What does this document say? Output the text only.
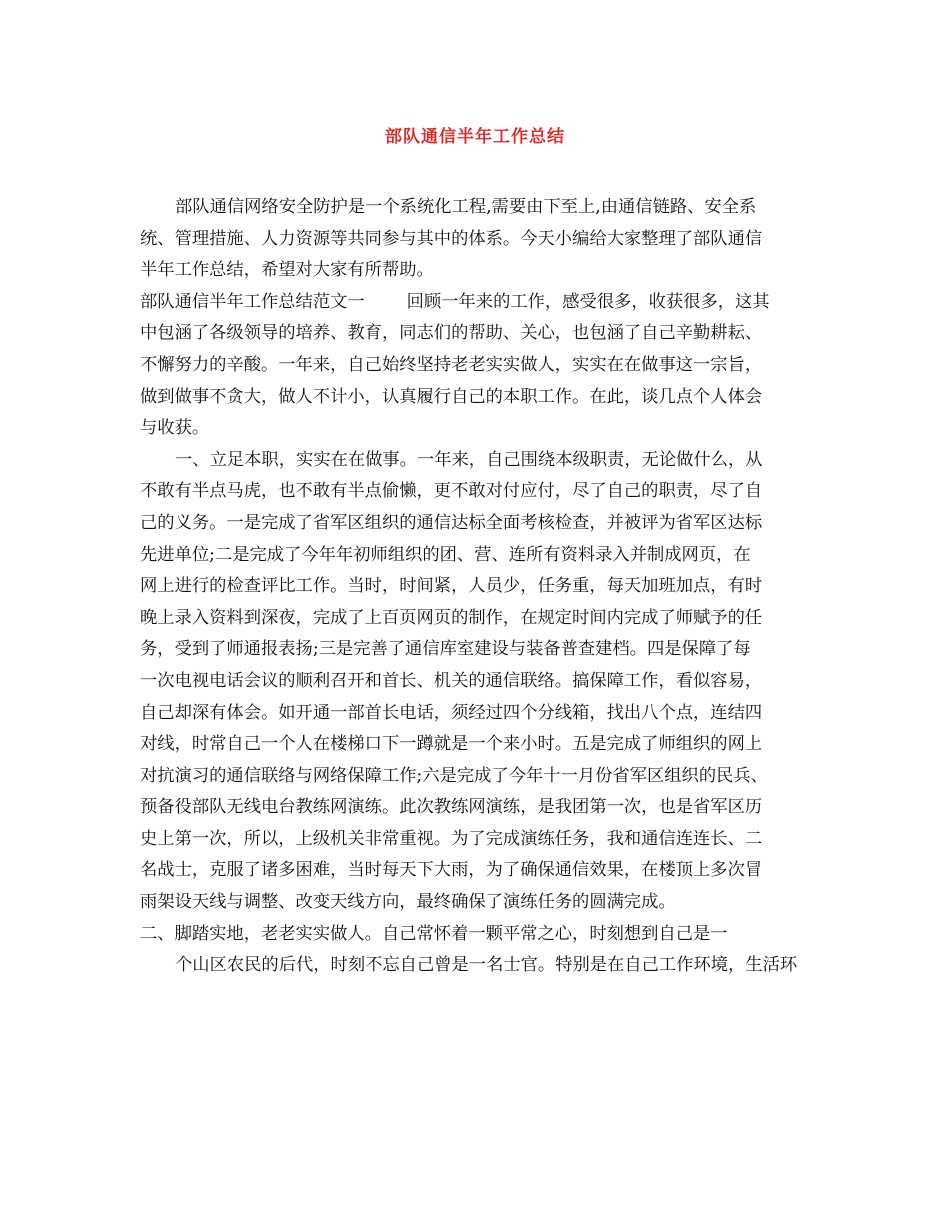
部队通信半年工作总结
部队通信网络安全防护是一个系统化工程,需要由下至上,由通信链路、安全系
统、管理措施、人力资源等共同参与其中的体系。今天小编给大家整理了部队通信
半年工作总结，希望对大家有所帮助。
部队通信半年工作总结范文一 回顾一年来的工作，感受很多，收获很多，这其
中包涵了各级领导的培养、教育，同志们的帮助、关心，也包涵了自己辛勤耕耘、
不懈努力的辛酸。一年来，自己始终坚持老老实实做人，实实在在做事这一宗旨，
做到做事不贪大，做人不计小，认真履行自己的本职工作。在此，谈几点个人体会
与收获。
一、立足本职，实实在在做事。一年来，自己围绕本级职责，无论做什么，从
不敢有半点马虎，也不敢有半点偷懒，更不敢对付应付，尽了自己的职责，尽了自
己的义务。一是完成了省军区组织的通信达标全面考核检查，并被评为省军区达标
先进单位;二是完成了今年年初师组织的团、营、连所有资料录入并制成网页，在
网上进行的检查评比工作。当时，时间紧，人员少，任务重，每天加班加点，有时
晚上录入资料到深夜，完成了上百页网页的制作，在规定时间内完成了师赋予的任
务，受到了师通报表扬;三是完善了通信库室建设与装备普查建档。四是保障了每
一次电视电话会议的顺利召开和首长、机关的通信联络。搞保障工作，看似容易，
自己却深有体会。如开通一部首长电话，须经过四个分线箱，找出八个点，连结四
对线，时常自己一个人在楼梯口下一蹲就是一个来小时。五是完成了师组织的网上
对抗演习的通信联络与网络保障工作;六是完成了今年十一月份省军区组织的民兵、
预备役部队无线电台教练网演练。此次教练网演练，是我团第一次，也是省军区历
史上第一次，所以，上级机关非常重视。为了完成演练任务，我和通信连连长、二
名战士，克服了诸多困难，当时每天下大雨，为了确保通信效果，在楼顶上多次冒
雨架设天线与调整、改变天线方向，最终确保了演练任务的圆满完成。
二、脚踏实地，老老实实做人。自己常怀着一颗平常之心，时刻想到自己是一
个山区农民的后代，时刻不忘自己曾是一名士官。特别是在自己工作环境，生活环
